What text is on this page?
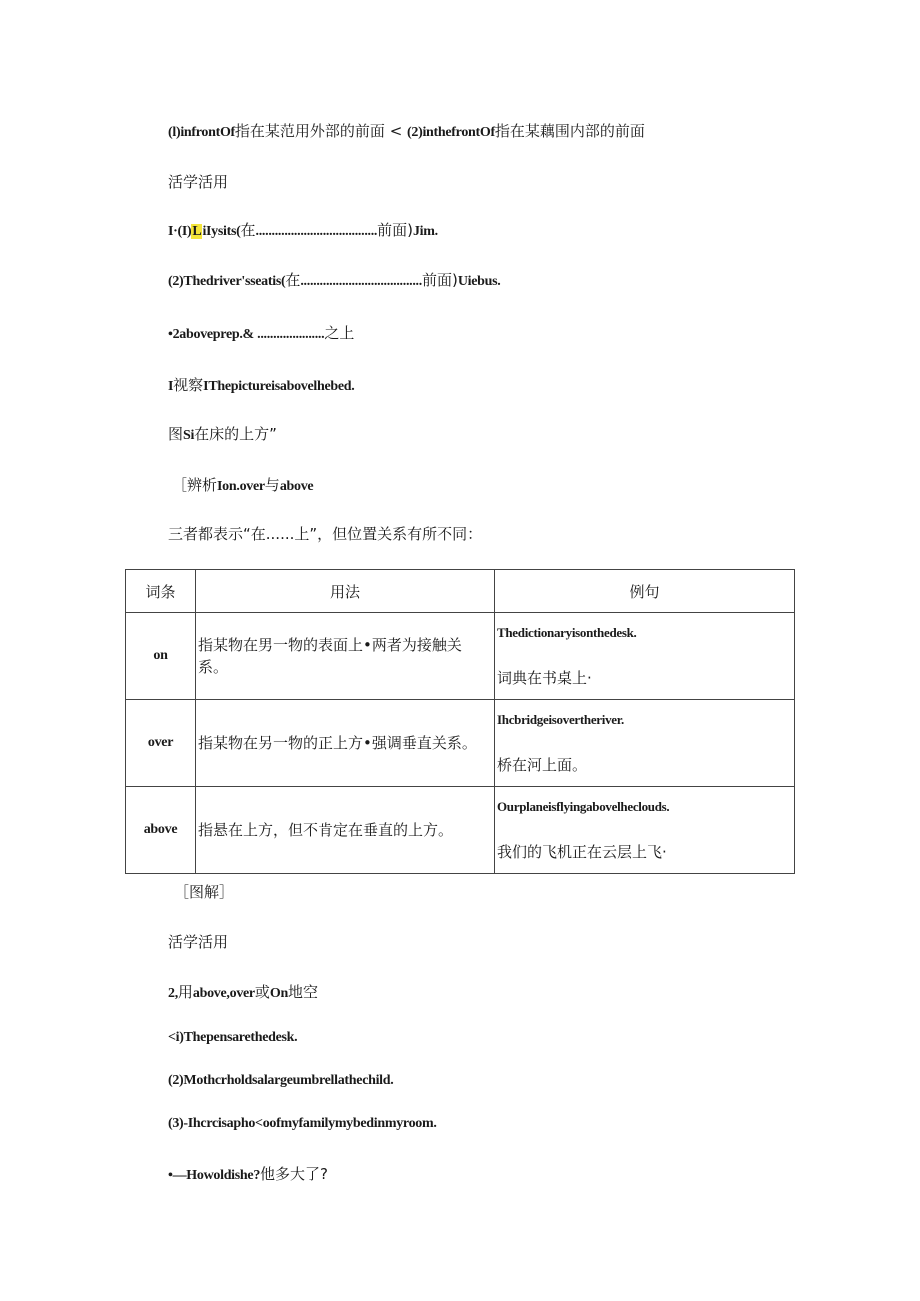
(l)infrontOf指在某范用外部的前面 < (2)inthefrontOf指在某藕围内部的前面
活学活用
I·(I)LiIysits(在......................................前面)Jim.
(2)Thedriver'sseatis(在......................................前面)Uiebus.
•2aboveprep.& .....................之上
I视察IThepictureisabovelhebed.
图Si在床的上方”
［辨析Ion.over与above
三者都表示“在......上”，但位置关系有所不同：
词条	用法	例句
on	指某物在男一物的表面上•两者为接触关系。	Thedictionaryisonthedesk.
词典在书桌上·

over	指某物在另一物的正上方•强调垂直关系。	Ihcbridgeisovertheriver.
桥在河上面。

above	指悬在上方，但不肯定在垂直的上方。	Ourplaneisflyingabovelheclouds.
我们的飞机正在云层上飞·
［图解］
活学活用
2,用above,over或On地空
<i)Thepensarethedesk.
(2)Mothcrholdsalargeumbrellathechild.
(3)-Ihcrcisapho<oofmyfamilymybedinmyroom.
•—Howoldishe?他多大了?
